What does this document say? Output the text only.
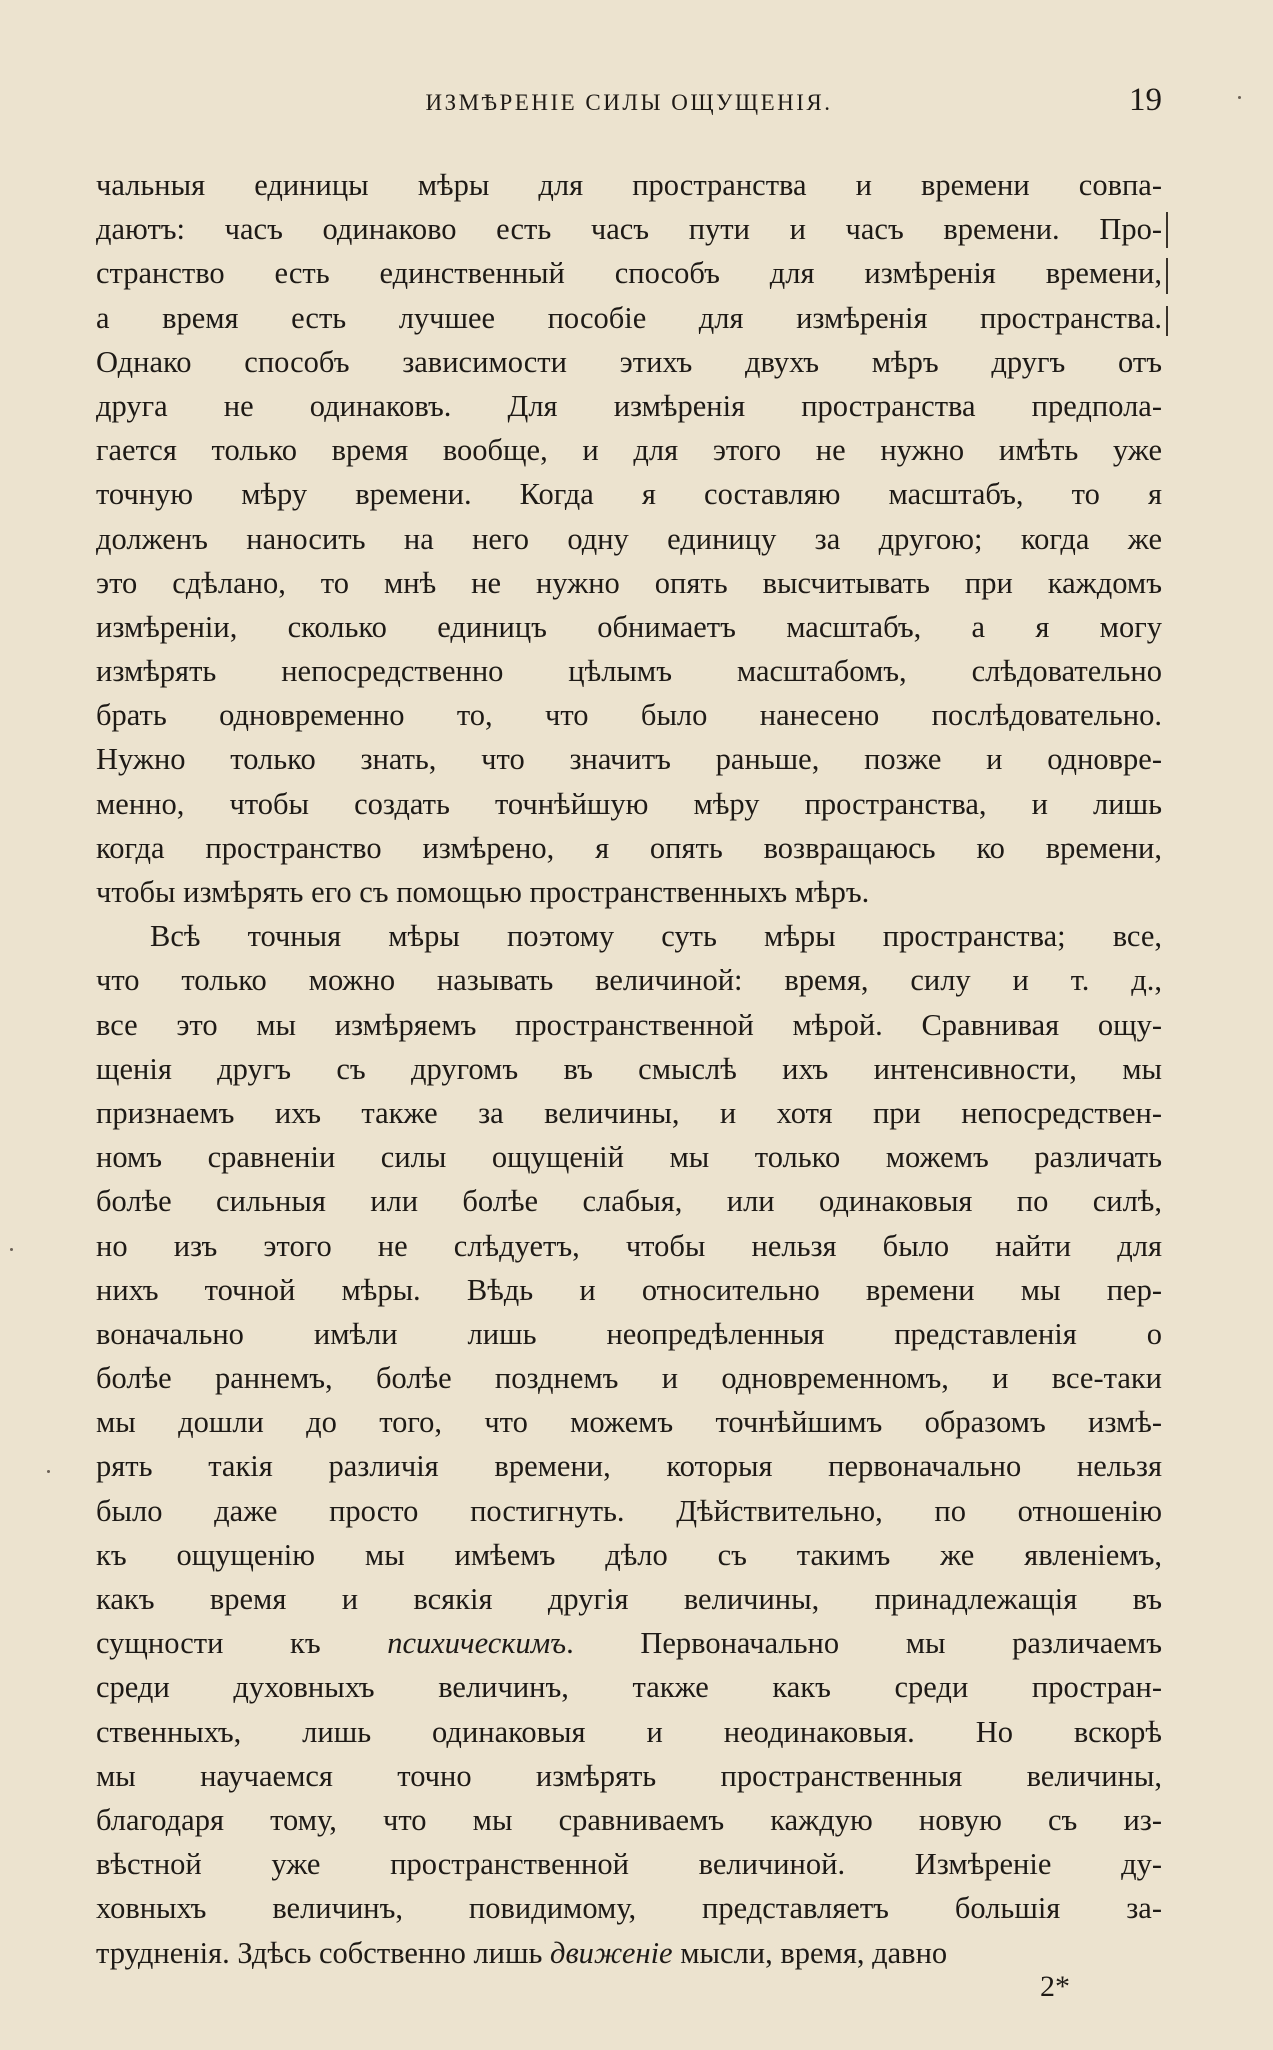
ИЗМѢРЕНІЕ СИЛЫ ОЩУЩЕНІЯ.	19
чальныя единицы мѣры для пространства и времени совпа-
даютъ: часъ одинаково есть часъ пути и часъ времени. Про-
странство есть единственный способъ для измѣренія времени,
а время есть лучшее пособіе для измѣренія пространства.
Однако способъ зависимости этихъ двухъ мѣръ другъ отъ
друга не одинаковъ. Для измѣренія пространства предпола-
гается только время вообще, и для этого не нужно имѣть уже
точную мѣру времени. Когда я составляю масштабъ, то я
долженъ наносить на него одну единицу за другою; когда же
это сдѣлано, то мнѣ не нужно опять высчитывать при каждомъ
измѣреніи, сколько единицъ обнимаетъ масштабъ, а я могу
измѣрять непосредственно цѣлымъ масштабомъ, слѣдовательно
брать одновременно то, что было нанесено послѣдовательно.
Нужно только знать, что значитъ раньше, позже и одновре-
менно, чтобы создать точнѣйшую мѣру пространства, и лишь
когда пространство измѣрено, я опять возвращаюсь ко времени,
чтобы измѣрять его съ помощью пространственныхъ мѣръ.
Всѣ точныя мѣры поэтому суть мѣры пространства; все,
что только можно называть величиной: время, силу и т. д.,
все это мы измѣряемъ пространственной мѣрой. Сравнивая ощу-
щенія другъ съ другомъ въ смыслѣ ихъ интенсивности, мы
признаемъ ихъ также за величины, и хотя при непосредствен-
номъ сравненіи силы ощущеній мы только можемъ различать
болѣе сильныя или болѣе слабыя, или одинаковыя по силѣ,
но изъ этого не слѣдуетъ, чтобы нельзя было найти для
нихъ точной мѣры. Вѣдь и относительно времени мы пер-
воначально имѣли лишь неопредѣленныя представленія о
болѣе раннемъ, болѣе позднемъ и одновременномъ, и все-таки
мы дошли до того, что можемъ точнѣйшимъ образомъ измѣ-
рять такія различія времени, которыя первоначально нельзя
было даже просто постигнуть. Дѣйствительно, по отношенію
къ ощущенію мы имѣемъ дѣло съ такимъ же явленіемъ,
какъ время и всякія другія величины, принадлежащія въ
сущности къ психическимъ. Первоначально мы различаемъ
среди духовныхъ величинъ, также какъ среди простран-
ственныхъ, лишь одинаковыя и неодинаковыя. Но вскорѣ
мы научаемся точно измѣрять пространственныя величины,
благодаря тому, что мы сравниваемъ каждую новую съ из-
вѣстной уже пространственной величиной. Измѣреніе ду-
ховныхъ величинъ, повидимому, представляетъ большія за-
трудненія. Здѣсь собственно лишь движеніе мысли, время, давно
2*
